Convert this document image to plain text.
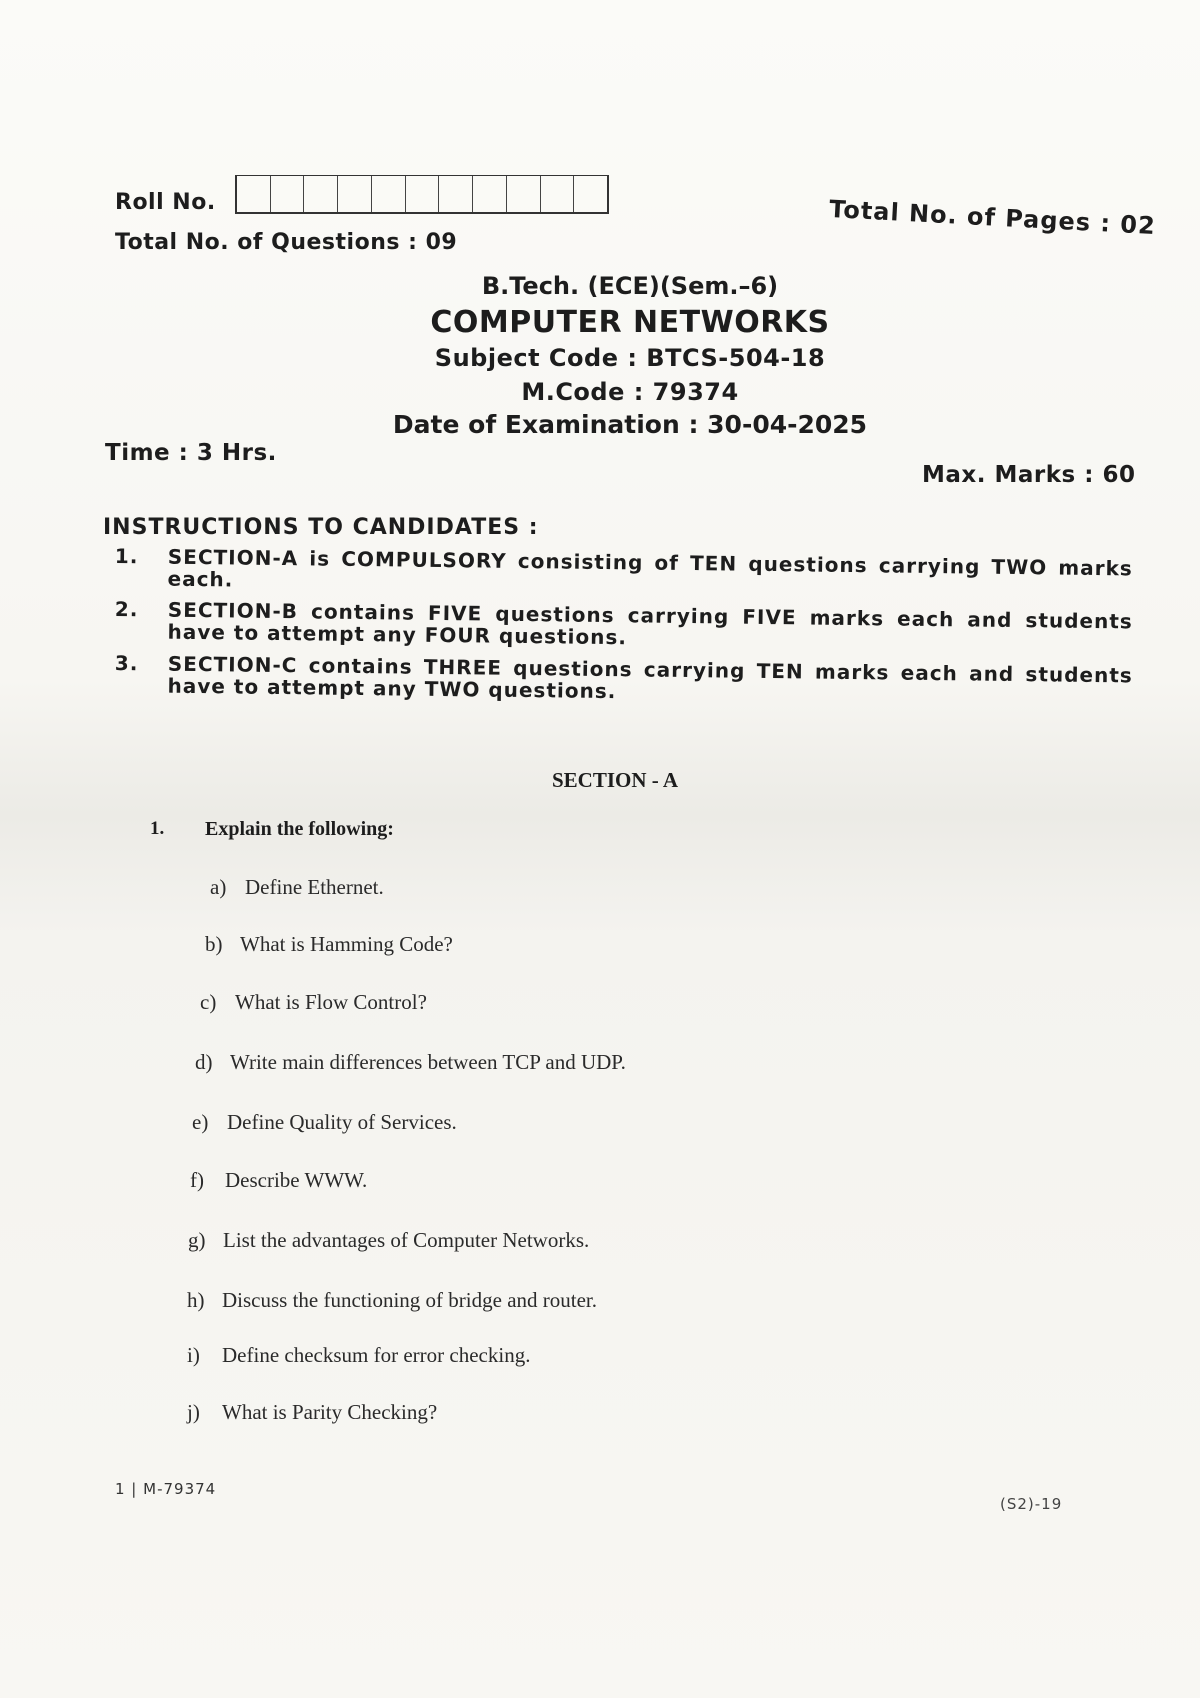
Roll No.	Total No. of Pages : 02
Total No. of Questions : 09
B.Tech. (ECE)(Sem.–6)
COMPUTER NETWORKS
Subject Code : BTCS-504-18
M.Code : 79374
Date of Examination : 30-04-2025
Time : 3 Hrs.
Max. Marks : 60
INSTRUCTIONS TO CANDIDATES :
1. SECTION-A is COMPULSORY consisting of TEN questions carrying TWO marks each.
2. SECTION-B contains FIVE questions carrying FIVE marks each and students have to attempt any FOUR questions.
3. SECTION-C contains THREE questions carrying TEN marks each and students have to attempt any TWO questions.
SECTION - A
1. Explain the following:
a) Define Ethernet.
b) What is Hamming Code?
c) What is Flow Control?
d) Write main differences between TCP and UDP.
e) Define Quality of Services.
f) Describe WWW.
g) List the advantages of Computer Networks.
h) Discuss the functioning of bridge and router.
i) Define checksum for error checking.
j) What is Parity Checking?
1 | M-79374
(S2)-19
